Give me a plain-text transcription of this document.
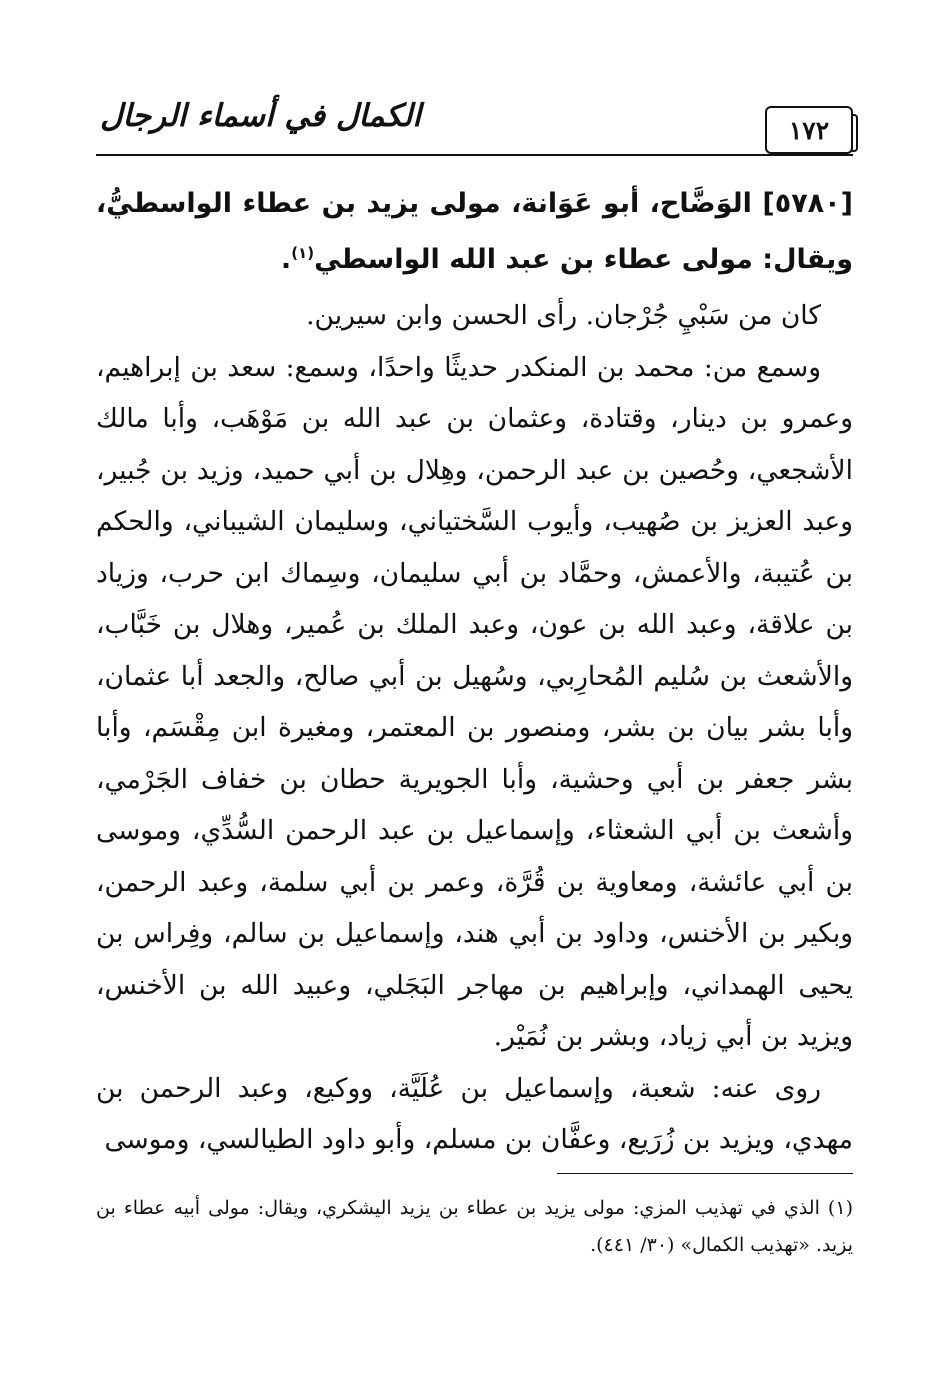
١٧٢
الكمال في أسماء الرجال

[٥٧٨٠] الوَضَّاح، أبو عَوَانة، مولى يزيد بن عطاء الواسطيُّ، ويقال: مولى عطاء بن عبد الله الواسطي$^{(١)}$.

كان من سَبْيِ جُرْجان. رأى الحسن وابن سيرين.

وسمع من: محمد بن المنكدر حديثًا واحدًا، وسمع: سعد بن إبراهيم، وعمرو بن دينار، وقتادة، وعثمان بن عبد الله بن مَوْهَب، وأبا مالك الأشجعي، وحُصين بن عبد الرحمن، وهِلال بن أبي حميد، وزيد بن جُبير، وعبد العزيز بن صُهيب، وأيوب السَّختياني، وسليمان الشيباني، والحكم بن عُتيبة، والأعمش، وحمَّاد بن أبي سليمان، وسِماك ابن حرب، وزياد بن علاقة، وعبد الله بن عون، وعبد الملك بن عُمير، وهلال بن خَبَّاب، والأشعث بن سُليم المُحارِبي، وسُهيل بن أبي صالح، والجعد أبا عثمان، وأبا بشر بيان بن بشر، ومنصور بن المعتمر، ومغيرة ابن مِقْسَم، وأبا بشر جعفر بن أبي وحشية، وأبا الجويرية حطان بن خفاف الجَرْمي، وأشعث بن أبي الشعثاء، وإسماعيل بن عبد الرحمن السُّدِّي، وموسى بن أبي عائشة، ومعاوية بن قُرَّة، وعمر بن أبي سلمة، وعبد الرحمن، وبكير بن الأخنس، وداود بن أبي هند، وإسماعيل بن سالم، وفِراس بن يحيى الهمداني، وإبراهيم بن مهاجر البَجَلي، وعبيد الله بن الأخنس، ويزيد بن أبي زياد، وبشر بن نُمَيْر.

روى عنه: شعبة، وإسماعيل بن عُلَيَّة، ووكيع، وعبد الرحمن بن مهدي، ويزيد بن زُرَيع، وعفَّان بن مسلم، وأبو داود الطيالسي، وموسى

(١) الذي في تهذيب المزي: مولى يزيد بن عطاء بن يزيد اليشكري، ويقال: مولى أبيه عطاء بن يزيد. «تهذيب الكمال» (٣٠/ ٤٤١).
